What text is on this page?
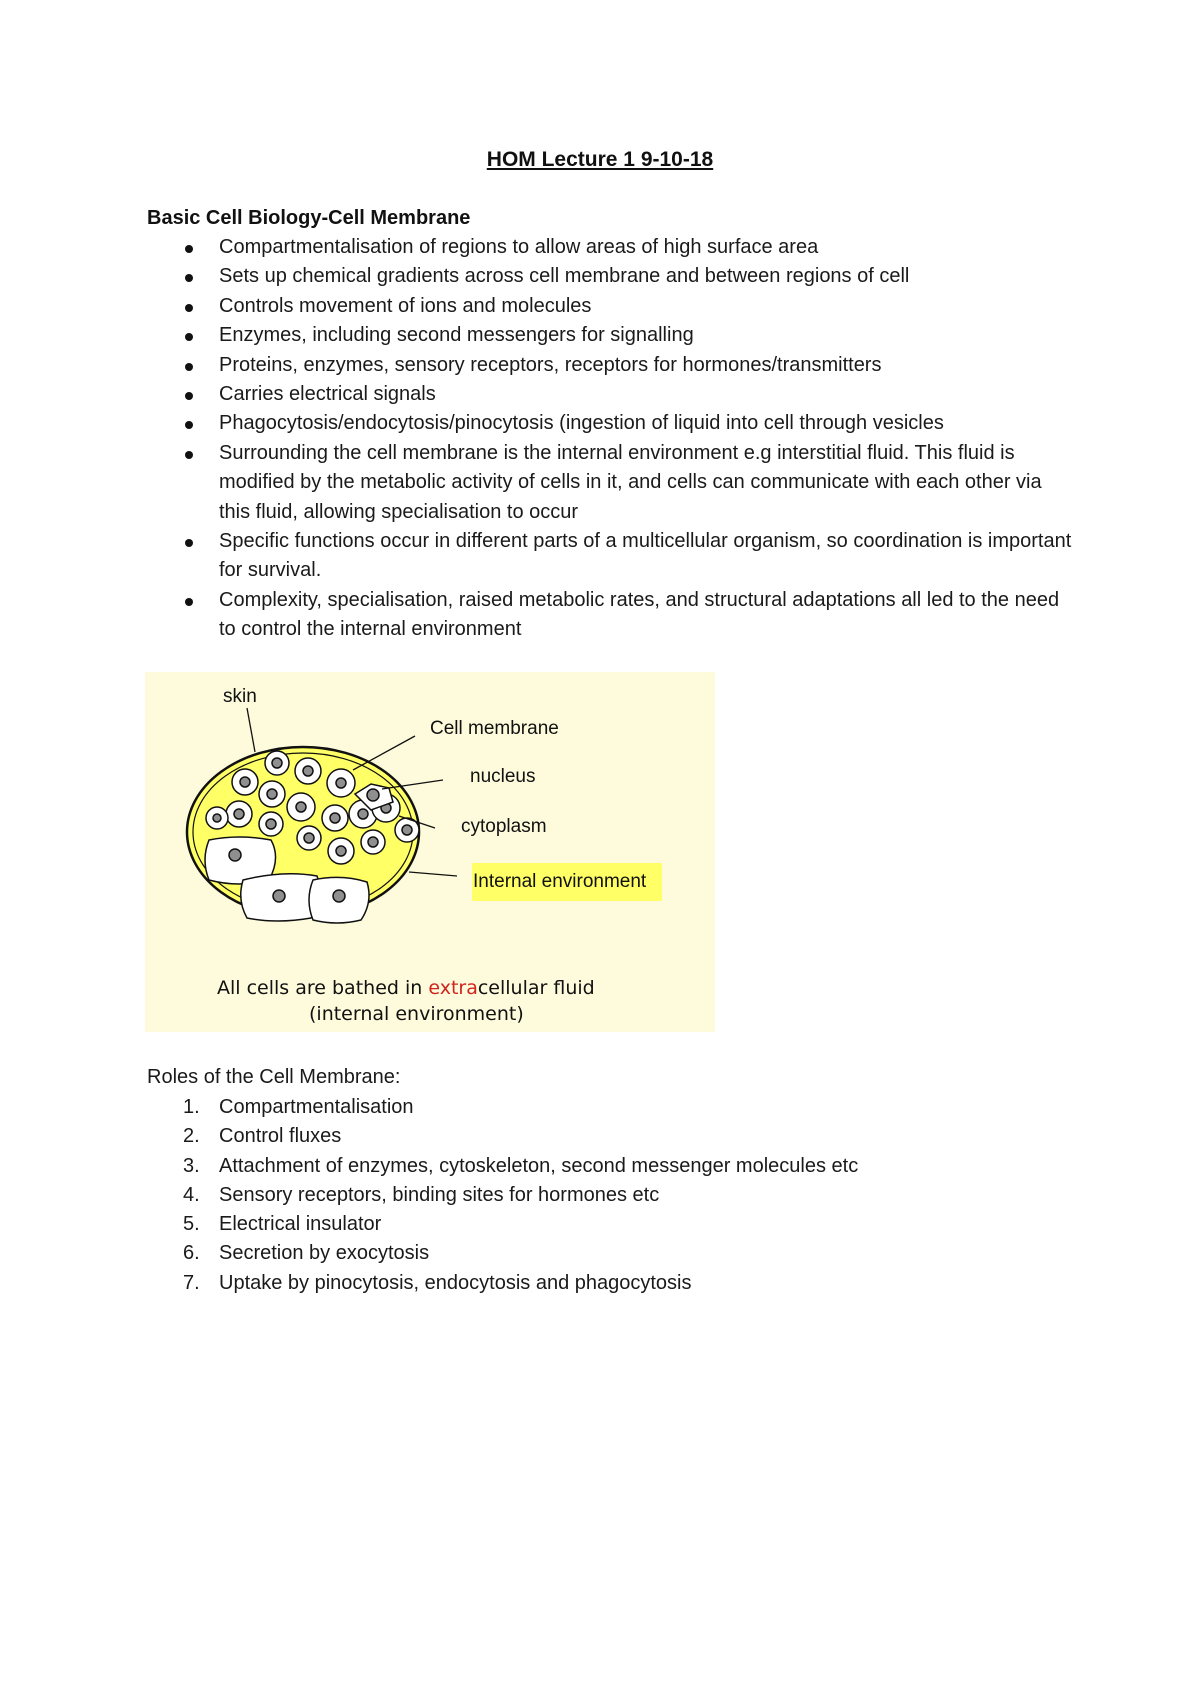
HOM Lecture 1 9-10-18
Basic Cell Biology-Cell Membrane
Compartmentalisation of regions to allow areas of high surface area
Sets up chemical gradients across cell membrane and between regions of cell
Controls movement of ions and molecules
Enzymes, including second messengers for signalling
Proteins, enzymes, sensory receptors, receptors for hormones/transmitters
Carries electrical signals
Phagocytosis/endocytosis/pinocytosis (ingestion of liquid into cell through vesicles
Surrounding the cell membrane is the internal environment e.g interstitial fluid. This fluid is modified by the metabolic activity of cells in it, and cells can communicate with each other via this fluid, allowing specialisation to occur
Specific functions occur in different parts of a multicellular organism, so coordination is important for survival.
Complexity, specialisation, raised metabolic rates, and structural adaptations all led to the need to control the internal environment
skin
Cell membrane
nucleus
cytoplasm
Internal environment
All cells are bathed in extracellular fluid
(internal environment)
Roles of the Cell Membrane:
1. Compartmentalisation
2. Control fluxes
3. Attachment of enzymes, cytoskeleton, second messenger molecules etc
4. Sensory receptors, binding sites for hormones etc
5. Electrical insulator
6. Secretion by exocytosis
7. Uptake by pinocytosis, endocytosis and phagocytosis
